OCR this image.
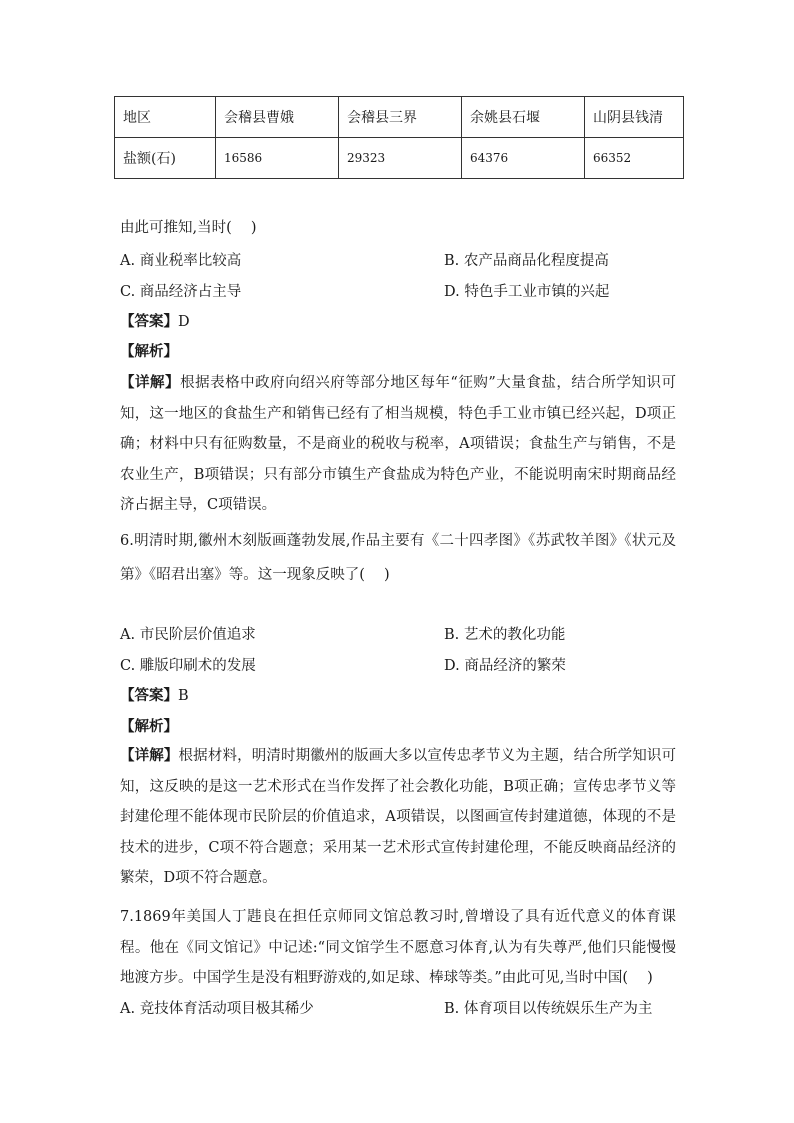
地区	会稽县曹娥	会稽县三界	余姚县石堰	山阴县钱清
盐额(石)	16586	29323	64376	66352
由此可推知,当时(　 )
A. 商业税率比较高	B. 农产品商品化程度提高
C. 商品经济占主导	D. 特色手工业市镇的兴起
【答案】D
【解析】
【详解】根据表格中政府向绍兴府等部分地区每年“征购”大量食盐，结合所学知识可知，这一地区的食盐生产和销售已经有了相当规模，特色手工业市镇已经兴起，D项正确；材料中只有征购数量，不是商业的税收与税率，A项错误；食盐生产与销售，不是农业生产，B项错误；只有部分市镇生产食盐成为特色产业，不能说明南宋时期商品经济占据主导，C项错误。
6.明清时期,徽州木刻版画蓬勃发展,作品主要有《二十四孝图》《苏武牧羊图》《状元及第》《昭君出塞》等。这一现象反映了(　 )
A. 市民阶层价值追求	B. 艺术的教化功能
C. 雕版印刷术的发展	D. 商品经济的繁荣
【答案】B
【解析】
【详解】根据材料，明清时期徽州的版画大多以宣传忠孝节义为主题，结合所学知识可知，这反映的是这一艺术形式在当作发挥了社会教化功能，B项正确；宣传忠孝节义等封建伦理不能体现市民阶层的价值追求，A项错误，以图画宣传封建道德，体现的不是技术的进步，C项不符合题意；采用某一艺术形式宣传封建伦理，不能反映商品经济的繁荣，D项不符合题意。
7.1869年美国人丁韪良在担任京师同文馆总教习时,曾增设了具有近代意义的体育课程。他在《同文馆记》中记述:“同文馆学生不愿意习体育,认为有失尊严,他们只能慢慢地渡方步。中国学生是没有粗野游戏的,如足球、棒球等类。”由此可见,当时中国(　 )
A. 竞技体育活动项目极其稀少	B. 体育项目以传统娱乐生产为主
